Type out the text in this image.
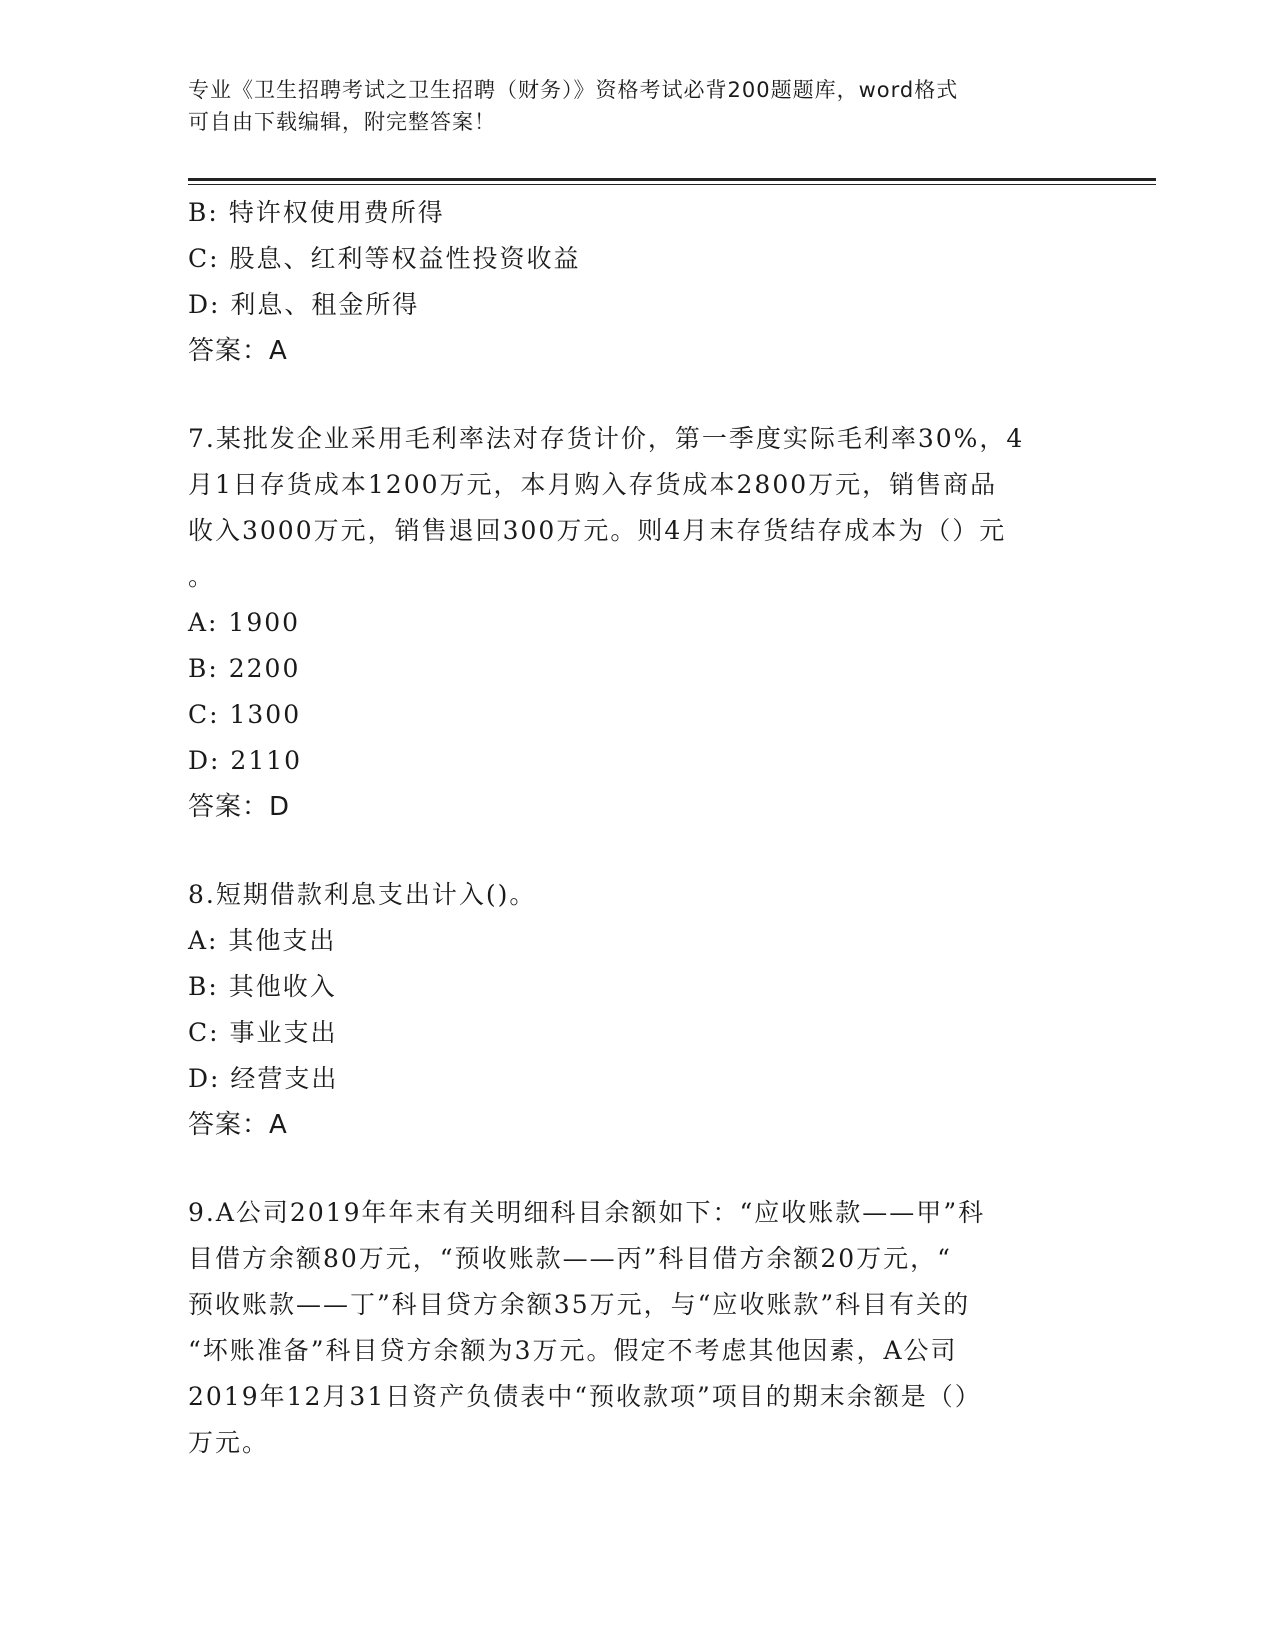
专业《卫生招聘考试之卫生招聘（财务）》资格考试必背200题题库，word格式
可自由下载编辑，附完整答案！
B: 特许权使用费所得
C: 股息、红利等权益性投资收益
D: 利息、租金所得
答案：A
7.某批发企业采用毛利率法对存货计价，第一季度实际毛利率30%，4
月1日存货成本1200万元，本月购入存货成本2800万元，销售商品
收入3000万元，销售退回300万元。则4月末存货结存成本为（）元
。
A: 1900
B: 2200
C: 1300
D: 2110
答案：D
8.短期借款利息支出计入()。
A: 其他支出
B: 其他收入
C: 事业支出
D: 经营支出
答案：A
9.A公司2019年年末有关明细科目余额如下：“应收账款——甲”科
目借方余额80万元，“预收账款——丙”科目借方余额20万元，“
预收账款——丁”科目贷方余额35万元，与“应收账款”科目有关的
“坏账准备”科目贷方余额为3万元。假定不考虑其他因素，A公司
2019年12月31日资产负债表中“预收款项”项目的期末余额是（）
万元。
